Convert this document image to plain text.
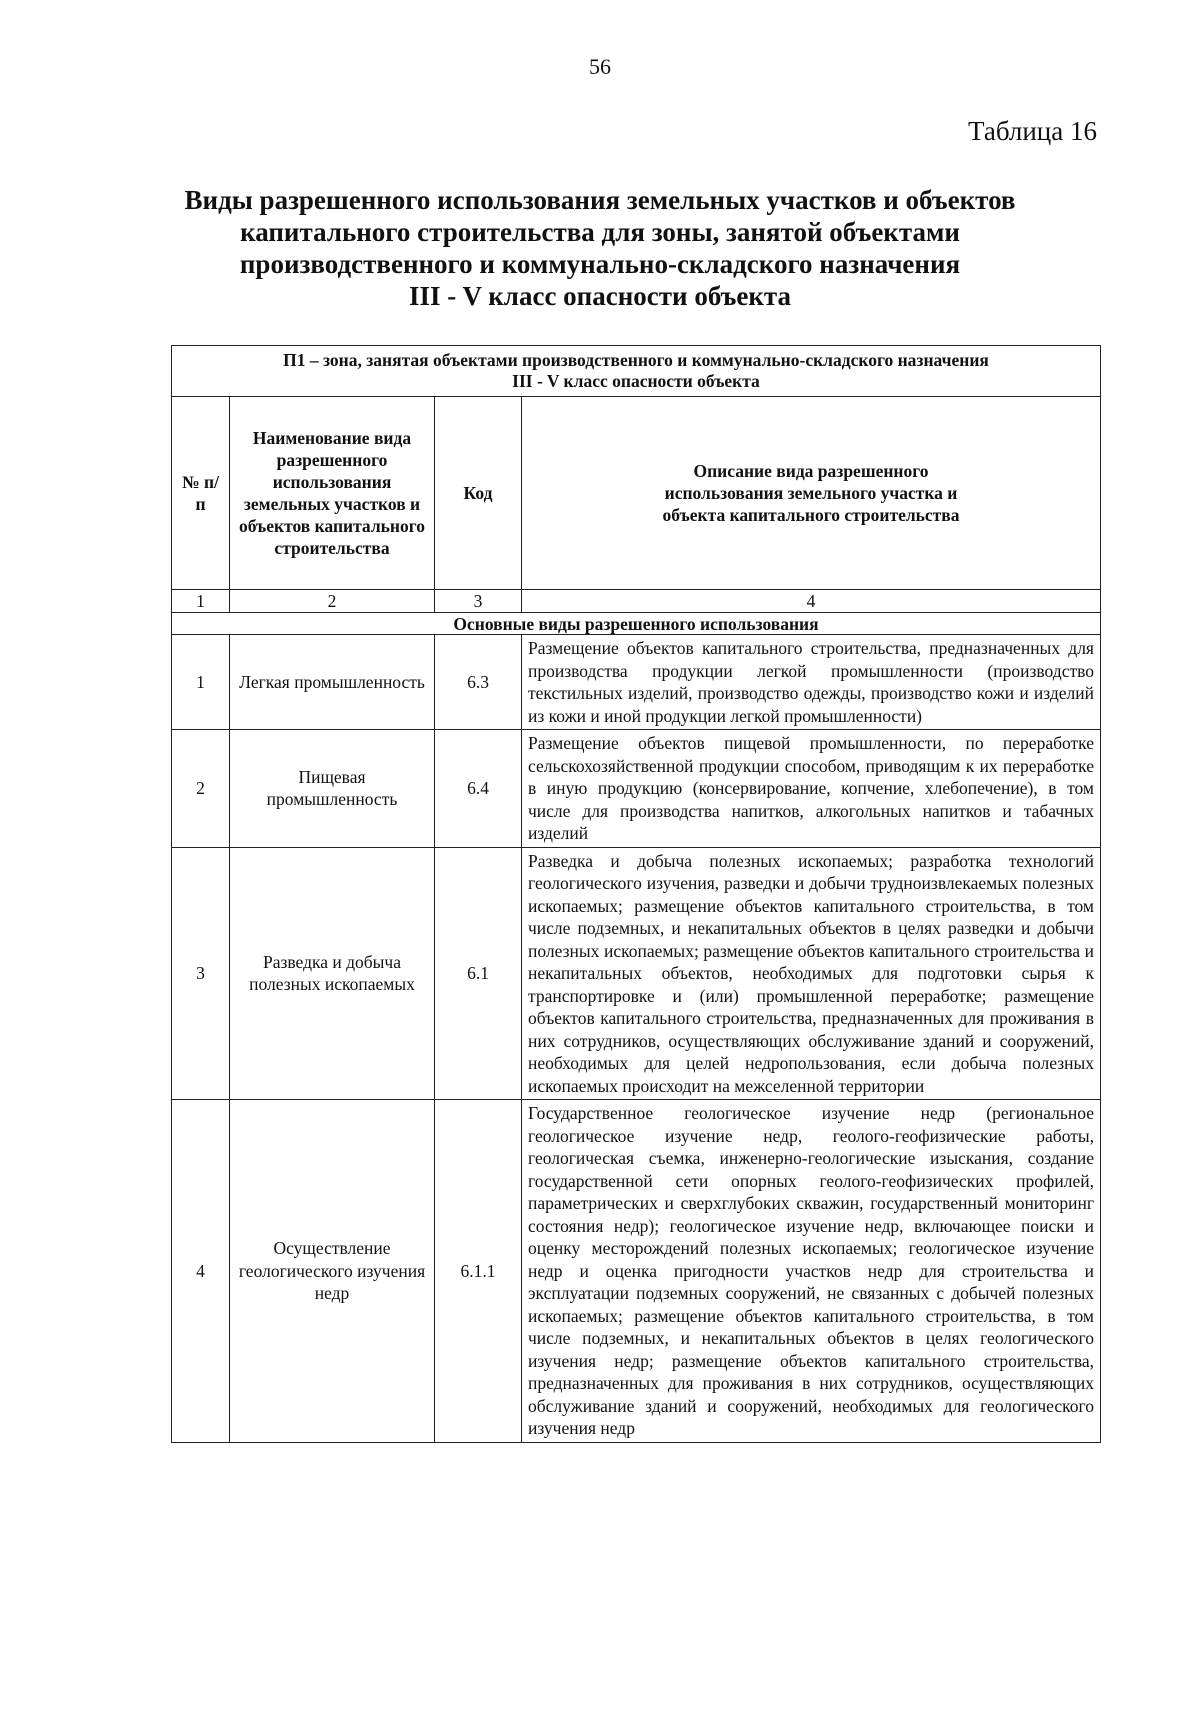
56
Таблица 16
Виды разрешенного использования земельных участков и объектов
капитального строительства для зоны, занятой объектами
производственного и коммунально-складского назначения
III - V класс опасности объекта
П1 – зона, занятая объектами производственного и коммунально-складского назначения
III - V класс опасности объекта			

№ п/п	Наименование вида разрешенного использования земельных участков и объектов капитального строительства	Код	Описание вида разрешенного использования земельного участка и объекта капитального строительства
1	2	3	4
Основные виды разрешенного использования			
1	Легкая промышленность	6.3	Размещение объектов капитального строительства, предназначенных для производства продукции легкой промышленности (производство текстильных изделий, производство одежды, производство кожи и изделий из кожи и иной продукции легкой промышленности)
2	Пищевая промышленность	6.4	Размещение объектов пищевой промышленности, по переработке сельскохозяйственной продукции способом, приводящим к их переработке в иную продукцию (консервирование, копчение, хлебопечение), в том числе для производства напитков, алкогольных напитков и табачных изделий
3	Разведка и добыча полезных ископаемых	6.1	Разведка и добыча полезных ископаемых; разработка технологий геологического изучения, разведки и добычи трудноизвлекаемых полезных ископаемых; размещение объектов капитального строительства, в том числе подземных, и некапитальных объектов в целях разведки и добычи полезных ископаемых; размещение объектов капитального строительства и некапитальных объектов, необходимых для подготовки сырья к транспортировке и (или) промышленной переработке; размещение объектов капитального строительства, предназначенных для проживания в них сотрудников, осуществляющих обслуживание зданий и сооружений, необходимых для целей недропользования, если добыча полезных ископаемых происходит на межселенной территории
4	Осуществление геологического изучения недр	6.1.1	Государственное геологическое изучение недр (региональное геологическое изучение недр, геолого-геофизические работы, геологическая съемка, инженерно-геологические изыскания, создание государственной сети опорных геолого-геофизических профилей, параметрических и сверхглубоких скважин, государственный мониторинг состояния недр); геологическое изучение недр, включающее поиски и оценку месторождений полезных ископаемых; геологическое изучение недр и оценка пригодности участков недр для строительства и эксплуатации подземных сооружений, не связанных с добычей полезных ископаемых; размещение объектов капитального строительства, в том числе подземных, и некапитальных объектов в целях геологического изучения недр; размещение объектов капитального строительства, предназначенных для проживания в них сотрудников, осуществляющих обслуживание зданий и сооружений, необходимых для геологического изучения недр
